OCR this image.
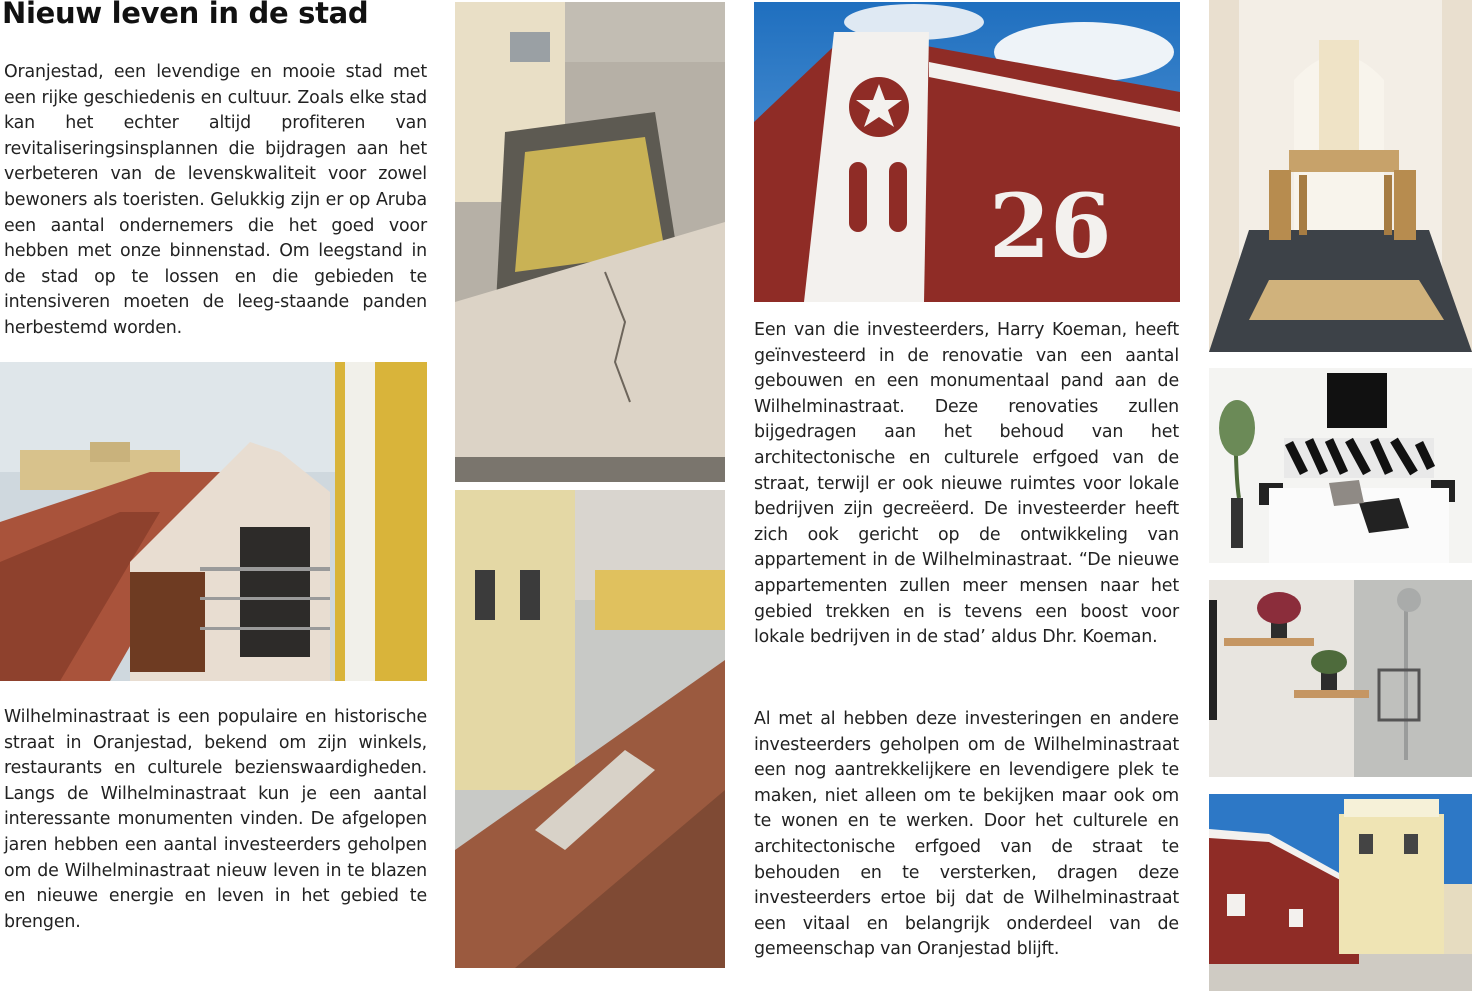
Nieuw leven in de stad

Oranjestad, een levendige en mooie stad met een rijke geschiedenis en cultuur. Zoals elke stad kan het echter altijd profiteren van revitaliseringsinsplannen die bijdragen aan het verbeteren van de levenskwaliteit voor zowel bewoners als toeristen. Gelukkig zijn er op Aruba een aantal ondernemers die het goed voor hebben met onze binnenstad. Om leegstand in de stad op te lossen en die gebieden te intensiveren moeten de leeg-staande panden herbestemd worden.

Wilhelminastraat is een populaire en historische straat in Oranjestad, bekend om zijn winkels, restaurants en culturele bezienswaardigheden. Langs de Wilhelminastraat kun je een aantal interessante monumenten vinden. De afgelopen jaren hebben een aantal investeerders geholpen om de Wilhelminastraat nieuw leven in te blazen en nieuwe energie en leven in het gebied te brengen.

26

Een van die investeerders, Harry Koeman, heeft geïnvesteerd in de renovatie van een aantal gebouwen en een monumentaal pand aan de Wilhelminastraat. Deze renovaties zullen bijgedragen aan het behoud van het architectonische en culturele erfgoed van de straat, terwijl er ook nieuwe ruimtes voor lokale bedrijven zijn gecreëerd. De investeerder heeft zich ook gericht op de ontwikkeling van appartement in de Wilhelminastraat. “De nieuwe appartementen zullen meer mensen naar het gebied trekken en is tevens een boost voor lokale bedrijven in de stad’ aldus Dhr. Koeman.

Al met al hebben deze investeringen en andere investeerders geholpen om de Wilhelminastraat een nog aantrekkelijkere en levendigere plek te maken, niet alleen om te bekijken maar ook om te wonen en te werken. Door het culturele en architectonische erfgoed van de straat te behouden en te versterken, dragen deze investeerders ertoe bij dat de Wilhelminastraat een vitaal en belangrijk onderdeel van de gemeenschap van Oranjestad blijft.
